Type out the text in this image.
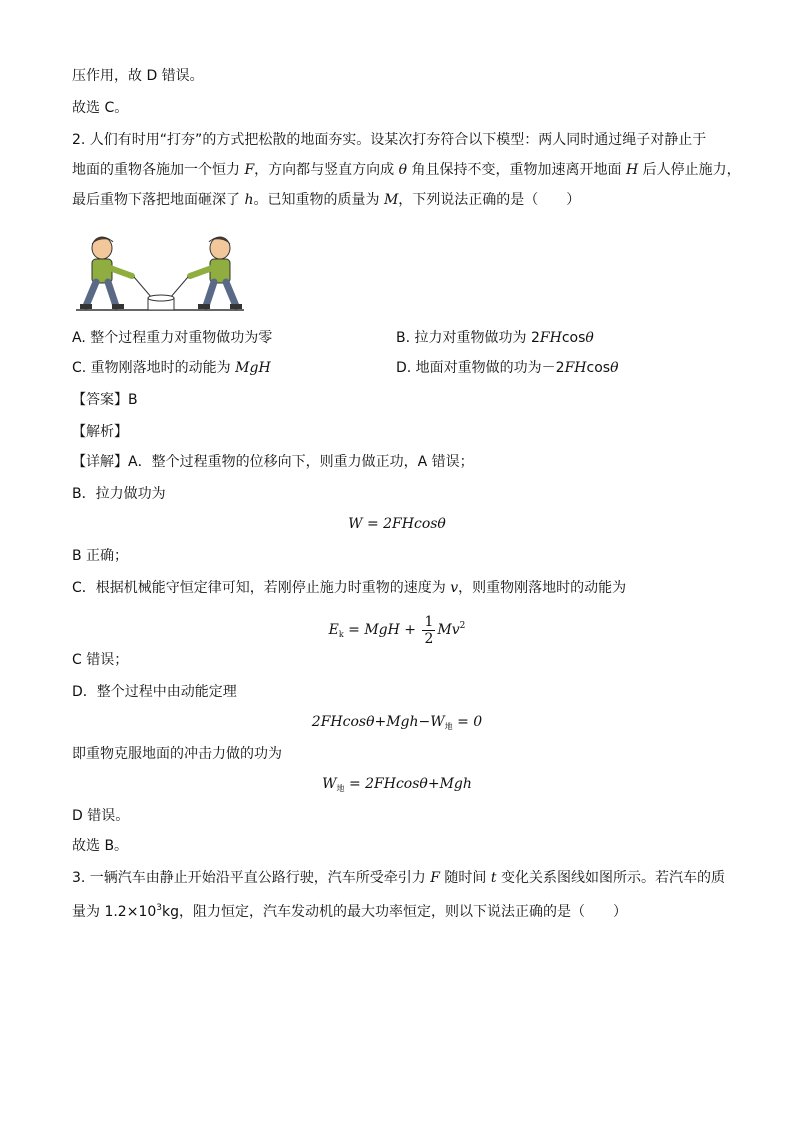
压作用，故 D 错误。
故选 C。
2. 人们有时用“打夯”的方式把松散的地面夯实。设某次打夯符合以下模型：两人同时通过绳子对静止于
地面的重物各施加一个恒力 F，方向都与竖直方向成 θ 角且保持不变，重物加速离开地面 H 后人停止施力，
最后重物下落把地面砸深了 h。已知重物的质量为 M，下列说法正确的是（　　）
A. 整个过程重力对重物做功为零	B. 拉力对重物做功为 2FHcosθ
C. 重物刚落地时的动能为 MgH	D. 地面对重物做的功为－2FHcosθ
【答案】B
【解析】
【详解】A．整个过程重物的位移向下，则重力做正功，A 错误；
B．拉力做功为
W = 2FHcosθ
B 正确；
C．根据机械能守恒定律可知，若刚停止施力时重物的速度为 v，则重物刚落地时的动能为
$E_k$ = MgH + $\frac{1}{2} Mv^2$
C 错误；
D．整个过程中由动能定理
$2FHcos\theta+Mgh-W_地 = 0$
即重物克服地面的冲击力做的功为
$W_地 = 2FHcos\theta+Mgh$
D 错误。
故选 B。
3. 一辆汽车由静止开始沿平直公路行驶，汽车所受牵引力 F 随时间 t 变化关系图线如图所示。若汽车的质
量为 $1.2\times 10^3kg$，阻力恒定，汽车发动机的最大功率恒定，则以下说法正确的是（　　）
